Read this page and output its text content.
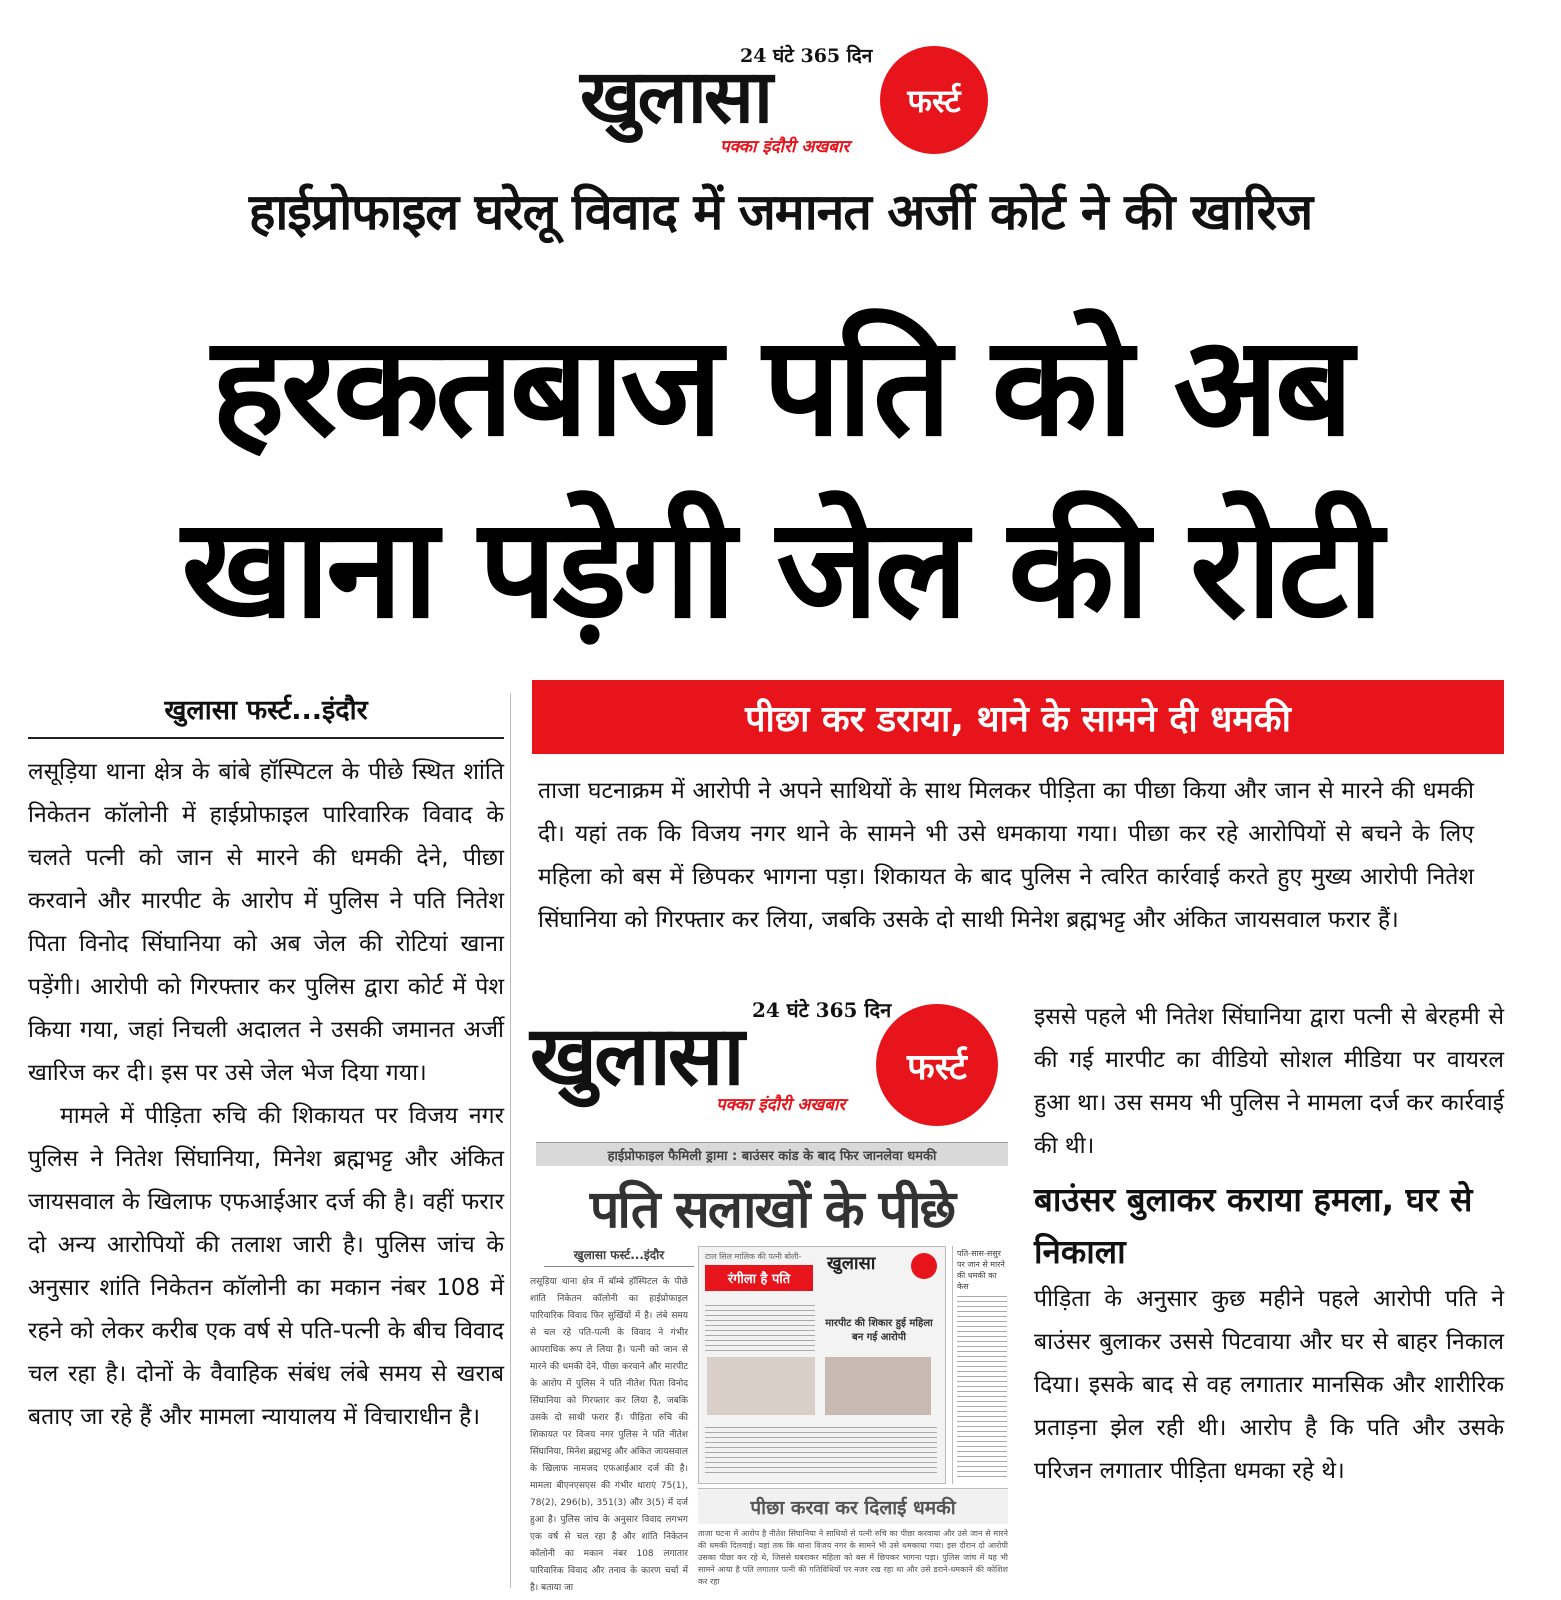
24 घंटे 365 दिन
खुलासा	फर्स्ट
पक्का इंदौरी अखबार
हाईप्रोफाइल घरेलू विवाद में जमानत अर्जी कोर्ट ने की खारिज
हरकतबाज पति को अब
खाना पड़ेगी जेल की रोटी
खुलासा फर्स्ट...इंदौर

लसूड़िया थाना क्षेत्र के बांबे हॉस्पिटल के पीछे स्थित शांति निकेतन कॉलोनी में हाईप्रोफाइल पारिवारिक विवाद के चलते पत्नी को जान से मारने की धमकी देने, पीछा करवाने और मारपीट के आरोप में पुलिस ने पति नितेश पिता विनोद सिंघानिया को अब जेल की रोटियां खाना पड़ेंगी। आरोपी को गिरफ्तार कर पुलिस द्वारा कोर्ट में पेश किया गया, जहां निचली अदालत ने उसकी जमानत अर्जी खारिज कर दी। इस पर उसे जेल भेज दिया गया।

मामले में पीड़िता रुचि की शिकायत पर विजय नगर पुलिस ने नितेश सिंघानिया, मिनेश ब्रह्मभट्ट और अंकित जायसवाल के खिलाफ एफआईआर दर्ज की है। वहीं फरार दो अन्य आरोपियों की तलाश जारी है। पुलिस जांच के अनुसार शांति निकेतन कॉलोनी का मकान नंबर 108 में रहने को लेकर करीब एक वर्ष से पति-पत्नी के बीच विवाद चल रहा है। दोनों के वैवाहिक संबंध लंबे समय से खराब बताए जा रहे हैं और मामला न्यायालय में विचाराधीन है।

पीछा कर डराया, थाने के सामने दी धमकी
ताजा घटनाक्रम में आरोपी ने अपने साथियों के साथ मिलकर पीड़िता का पीछा किया और जान से मारने की धमकी दी। यहां तक कि विजय नगर थाने के सामने भी उसे धमकाया गया। पीछा कर रहे आरोपियों से बचने के लिए महिला को बस में छिपकर भागना पड़ा। शिकायत के बाद पुलिस ने त्वरित कार्रवाई करते हुए मुख्य आरोपी नितेश सिंघानिया को गिरफ्तार कर लिया, जबकि उसके दो साथी मिनेश ब्रह्मभट्ट और अंकित जायसवाल फरार हैं।
24 घंटे 365 दिन
खुलासा	फर्स्ट
पक्का इंदौरी अखबार
हाईप्रोफाइल फैमिली ड्रामा : बाउंसर कांड के बाद फिर जानलेवा धमकी
पति सलाखों के पीछे
खुलासा फर्स्ट...इंदौर
लसूड़िया थाना क्षेत्र में बॉम्बे हॉस्पिटल के पीछे शांति निकेतन कॉलोनी का हाईप्रोफाइल पारिवारिक विवाद फिर सुर्खियों में है। लंबे समय से चल रहे पति-पत्नी के विवाद ने गंभीर आपराधिक रूप ले लिया है। पत्नी को जान से मारने की धमकी देने, पीछा करवाने और मारपीट के आरोप में पुलिस ने पति नीतेश पिता विनोद सिंघानिया को गिरफ्तार कर लिया है, जबकि उसके दो साथी फरार हैं। पीड़िता रुचि की शिकायत पर विजय नगर पुलिस ने पति नीतेश सिंघानिया, मिनेश ब्रह्मभट्ट और अंकित जायसवाल के खिलाफ नामजद एफआईआर दर्ज की है। मामला बीएनएसएस की गंभीर धाराएं 75(1), 78(2), 296(b), 351(3) और 3(5) में दर्ज हुआ है। पुलिस जांच के अनुसार विवाद लगभग एक वर्ष से चल रहा है और शांति निकेतन कॉलोनी का मकान नंबर 108 लगातार पारिवारिक विवाद और तनाव के कारण चर्चा में है। बताया जा
टाल सिल मालिक की पत्नी बोली-
रंगीला है पति
खुलासा
मारपीट की शिकार हुई महिला बन गई आरोपी
पति-सास-ससुर पर जान से मारने की धमकी का केस
पीछा करवा कर दिलाई धमकी
ताजा घटना में आरोप है नीतेश सिंघानिया ने साथियों से पत्नी रुचि का पीछा करवाया और उसे जान से मारने की धमकी दिलवाई। यहां तक कि थाना विजय नगर के सामने भी उसे धमकाया गया। इस दौरान दो आरोपी उसका पीछा कर रहे थे, जिससे घबराकर महिला को बस में छिपकर भागना पड़ा। पुलिस जांच में यह भी सामने आया है पति लगातार पत्नी की गतिविधियों पर नजर रख रहा था और उसे डराने-धमकाने की कोशिश कर रहा
इससे पहले भी नितेश सिंघानिया द्वारा पत्नी से बेरहमी से की गई मारपीट का वीडियो सोशल मीडिया पर वायरल हुआ था। उस समय भी पुलिस ने मामला दर्ज कर कार्रवाई की थी।
बाउंसर बुलाकर कराया हमला, घर से निकाला
पीड़िता के अनुसार कुछ महीने पहले आरोपी पति ने बाउंसर बुलाकर उससे पिटवाया और घर से बाहर निकाल दिया। इसके बाद से वह लगातार मानसिक और शारीरिक प्रताड़ना झेल रही थी। आरोप है कि पति और उसके परिजन लगातार पीड़िता धमका रहे थे।
